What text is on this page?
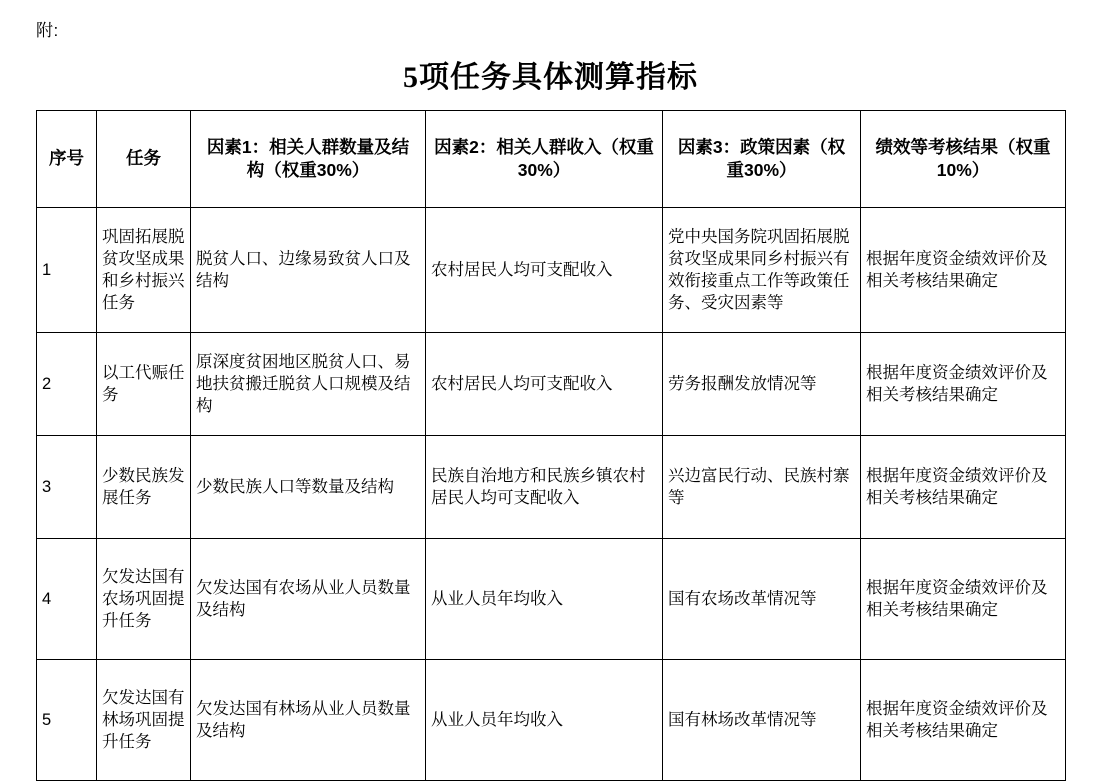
附:
5项任务具体测算指标
序号	任务	因素1：相关人群数量及结构（权重30%）	因素2：相关人群收入（权重30%）	因素3：政策因素（权重30%）	绩效等考核结果（权重10%）
1	巩固拓展脱贫攻坚成果和乡村振兴任务	脱贫人口、边缘易致贫人口及结构	农村居民人均可支配收入	党中央国务院巩固拓展脱贫攻坚成果同乡村振兴有效衔接重点工作等政策任务、受灾因素等	根据年度资金绩效评价及相关考核结果确定
2	以工代赈任务	原深度贫困地区脱贫人口、易地扶贫搬迁脱贫人口规模及结构	农村居民人均可支配收入	劳务报酬发放情况等	根据年度资金绩效评价及相关考核结果确定
3	少数民族发展任务	少数民族人口等数量及结构	民族自治地方和民族乡镇农村居民人均可支配收入	兴边富民行动、民族村寨等	根据年度资金绩效评价及相关考核结果确定
4	欠发达国有农场巩固提升任务	欠发达国有农场从业人员数量及结构	从业人员年均收入	国有农场改革情况等	根据年度资金绩效评价及相关考核结果确定
5	欠发达国有林场巩固提升任务	欠发达国有林场从业人员数量及结构	从业人员年均收入	国有林场改革情况等	根据年度资金绩效评价及相关考核结果确定
